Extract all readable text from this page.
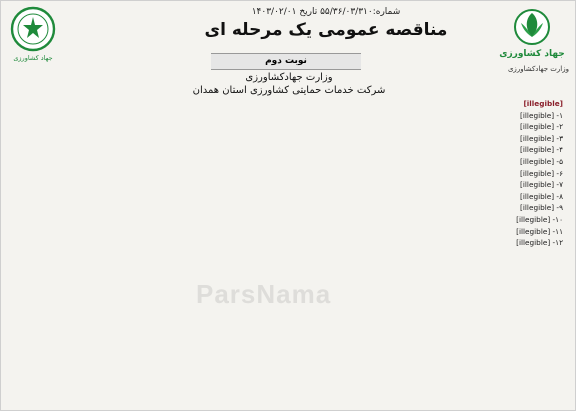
جهاد کشاورزی
وزارت جهادکشاورزی
جهاد کشاورزی
شماره:۵۵/۳۶/۰۳/۳۱۰ تاریخ ۱۴۰۳/۰۲/۰۱
مناقصه عمومی یک مرحله ای
نوبت دوم
وزارت جهادکشاورزی
شرکت خدمات حمایتی کشاورزی استان همدان

[illegible]

۱- [illegible]

۲- [illegible]

۳- [illegible]

۴- [illegible]

۵- [illegible]

۶- [illegible]

۷- [illegible]

۸- [illegible]

۹- [illegible]

۱۰- [illegible]

۱۱- [illegible]

۱۲- [illegible]

ParsNama
